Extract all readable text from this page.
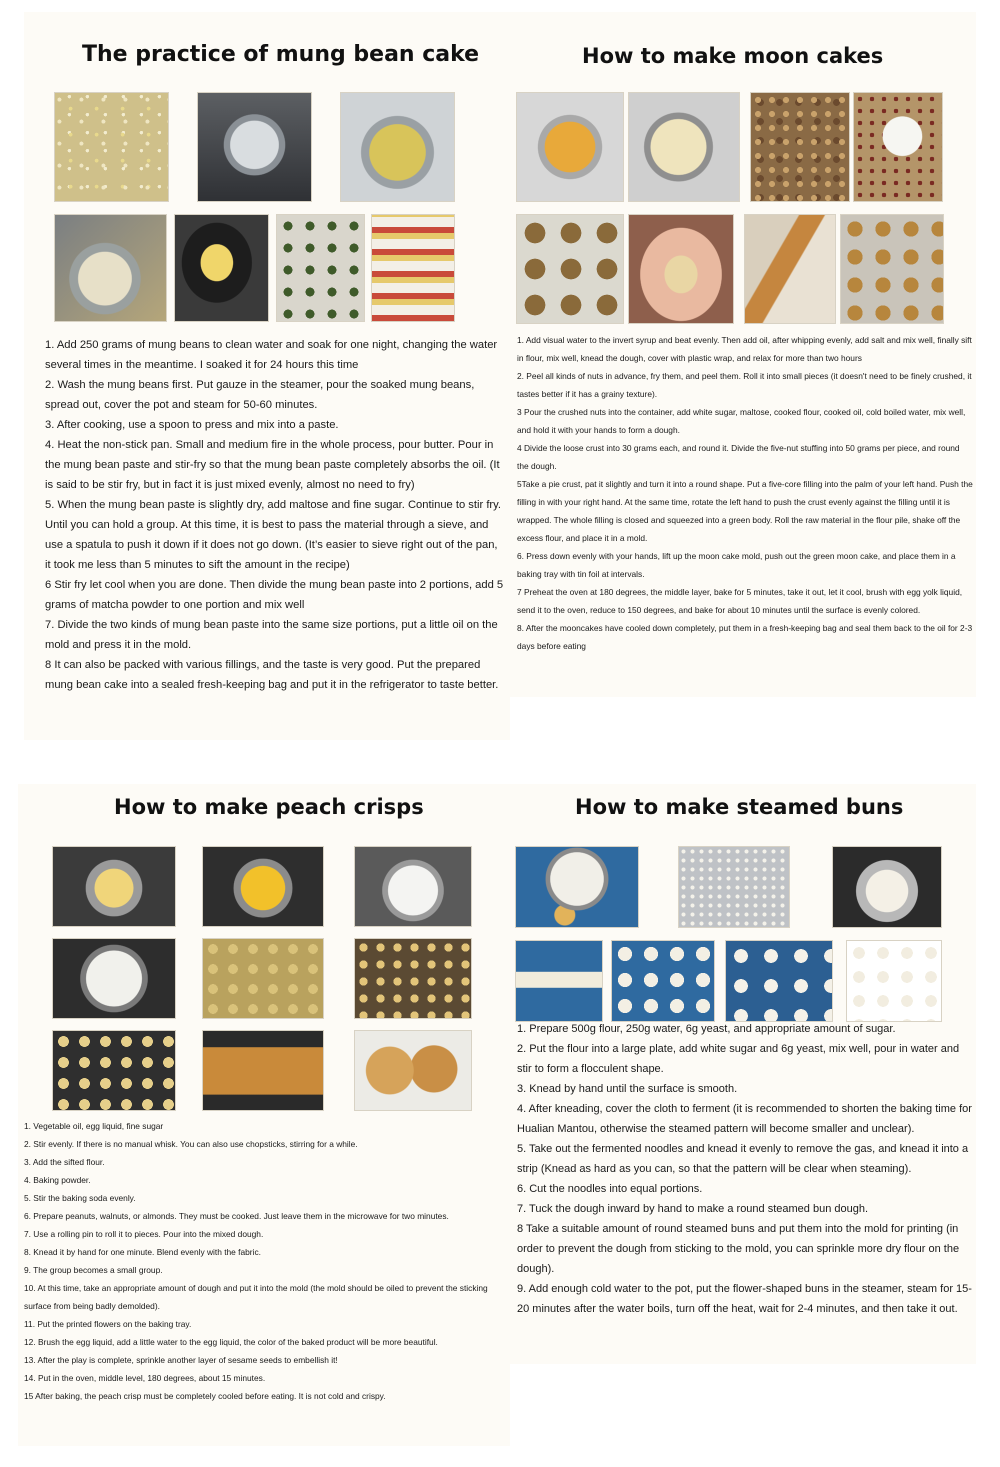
The practice of mung bean cake
1. Add 250 grams of mung beans to clean water and soak for one night, changing the water several times in the meantime. I soaked it for 24 hours this time
2. Wash the mung beans first. Put gauze in the steamer, pour the soaked mung beans, spread out, cover the pot and steam for 50-60 minutes.
3. After cooking, use a spoon to press and mix into a paste.
4. Heat the non-stick pan. Small and medium fire in the whole process, pour butter. Pour in the mung bean paste and stir-fry so that the mung bean paste completely absorbs the oil. (It is said to be stir fry, but in fact it is just mixed evenly, almost no need to fry)
5. When the mung bean paste is slightly dry, add maltose and fine sugar. Continue to stir fry. Until you can hold a group. At this time, it is best to pass the material through a sieve, and use a spatula to push it down if it does not go down. (It’s easier to sieve right out of the pan, it took me less than 5 minutes to sift the amount in the recipe)
6 Stir fry let cool when you are done. Then divide the mung bean paste into 2 portions, add 5 grams of matcha powder to one portion and mix well
7. Divide the two kinds of mung bean paste into the same size portions, put a little oil on the mold and press it in the mold.
8 It can also be packed with various fillings, and the taste is very good. Put the prepared mung bean cake into a sealed fresh-keeping bag and put it in the refrigerator to taste better.
How to make moon cakes
1. Add visual water to the invert syrup and beat evenly. Then add oil, after whipping evenly, add salt and mix well, finally sift in flour, mix well, knead the dough, cover with plastic wrap, and relax for more than two hours
2. Peel all kinds of nuts in advance, fry them, and peel them. Roll it into small pieces (it doesn't need to be finely crushed, it tastes better if it has a grainy texture).
3 Pour the crushed nuts into the container, add white sugar, maltose, cooked flour, cooked oil, cold boiled water, mix well, and hold it with your hands to form a dough.
4 Divide the loose crust into 30 grams each, and round it. Divide the five-nut stuffing into 50 grams per piece, and round the dough.
5Take a pie crust, pat it slightly and turn it into a round shape. Put a five-core filling into the palm of your left hand. Push the filling in with your right hand. At the same time, rotate the left hand to push the crust evenly against the filling until it is wrapped. The whole filling is closed and squeezed into a green body. Roll the raw material in the flour pile, shake off the excess flour, and place it in a mold.
6. Press down evenly with your hands, lift up the moon cake mold, push out the green moon cake, and place them in a baking tray with tin foil at intervals.
7 Preheat the oven at 180 degrees, the middle layer, bake for 5 minutes, take it out, let it cool, brush with egg yolk liquid, send it to the oven, reduce to 150 degrees, and bake for about 10 minutes until the surface is evenly colored.
8. After the mooncakes have cooled down completely, put them in a fresh-keeping bag and seal them back to the oil for 2-3 days before eating
How to make peach crisps
1. Vegetable oil, egg liquid, fine sugar
2. Stir evenly. If there is no manual whisk. You can also use chopsticks, stirring for a while.
3. Add the sifted flour.
4. Baking powder.
5. Stir the baking soda evenly.
6. Prepare peanuts, walnuts, or almonds. They must be cooked. Just leave them in the microwave for two minutes.
7. Use a rolling pin to roll it to pieces. Pour into the mixed dough.
8. Knead it by hand for one minute. Blend evenly with the fabric.
9. The group becomes a small group.
10. At this time, take an appropriate amount of dough and put it into the mold (the mold should be oiled to prevent the sticking surface from being badly demolded).
11. Put the printed flowers on the baking tray.
12. Brush the egg liquid, add a little water to the egg liquid, the color of the baked product will be more beautiful.
13. After the play is complete, sprinkle another layer of sesame seeds to embellish it!
14. Put in the oven, middle level, 180 degrees, about 15 minutes.
15 After baking, the peach crisp must be completely cooled before eating. It is not cold and crispy.
How to make steamed buns
1. Prepare 500g flour, 250g water, 6g yeast, and appropriate amount of sugar.
2. Put the flour into a large plate, add white sugar and 6g yeast, mix well, pour in water and stir to form a flocculent shape.
3. Knead by hand until the surface is smooth.
4. After kneading, cover the cloth to ferment (it is recommended to shorten the baking time for Hualian Mantou, otherwise the steamed pattern will become smaller and unclear).
5. Take out the fermented noodles and knead it evenly to remove the gas, and knead it into a strip (Knead as hard as you can, so that the pattern will be clear when steaming).
6. Cut the noodles into equal portions.
7. Tuck the dough inward by hand to make a round steamed bun dough.
8 Take a suitable amount of round steamed buns and put them into the mold for printing (in order to prevent the dough from sticking to the mold, you can sprinkle more dry flour on the dough).
9. Add enough cold water to the pot, put the flower-shaped buns in the steamer, steam for 15-20 minutes after the water boils, turn off the heat, wait for 2-4 minutes, and then take it out.
